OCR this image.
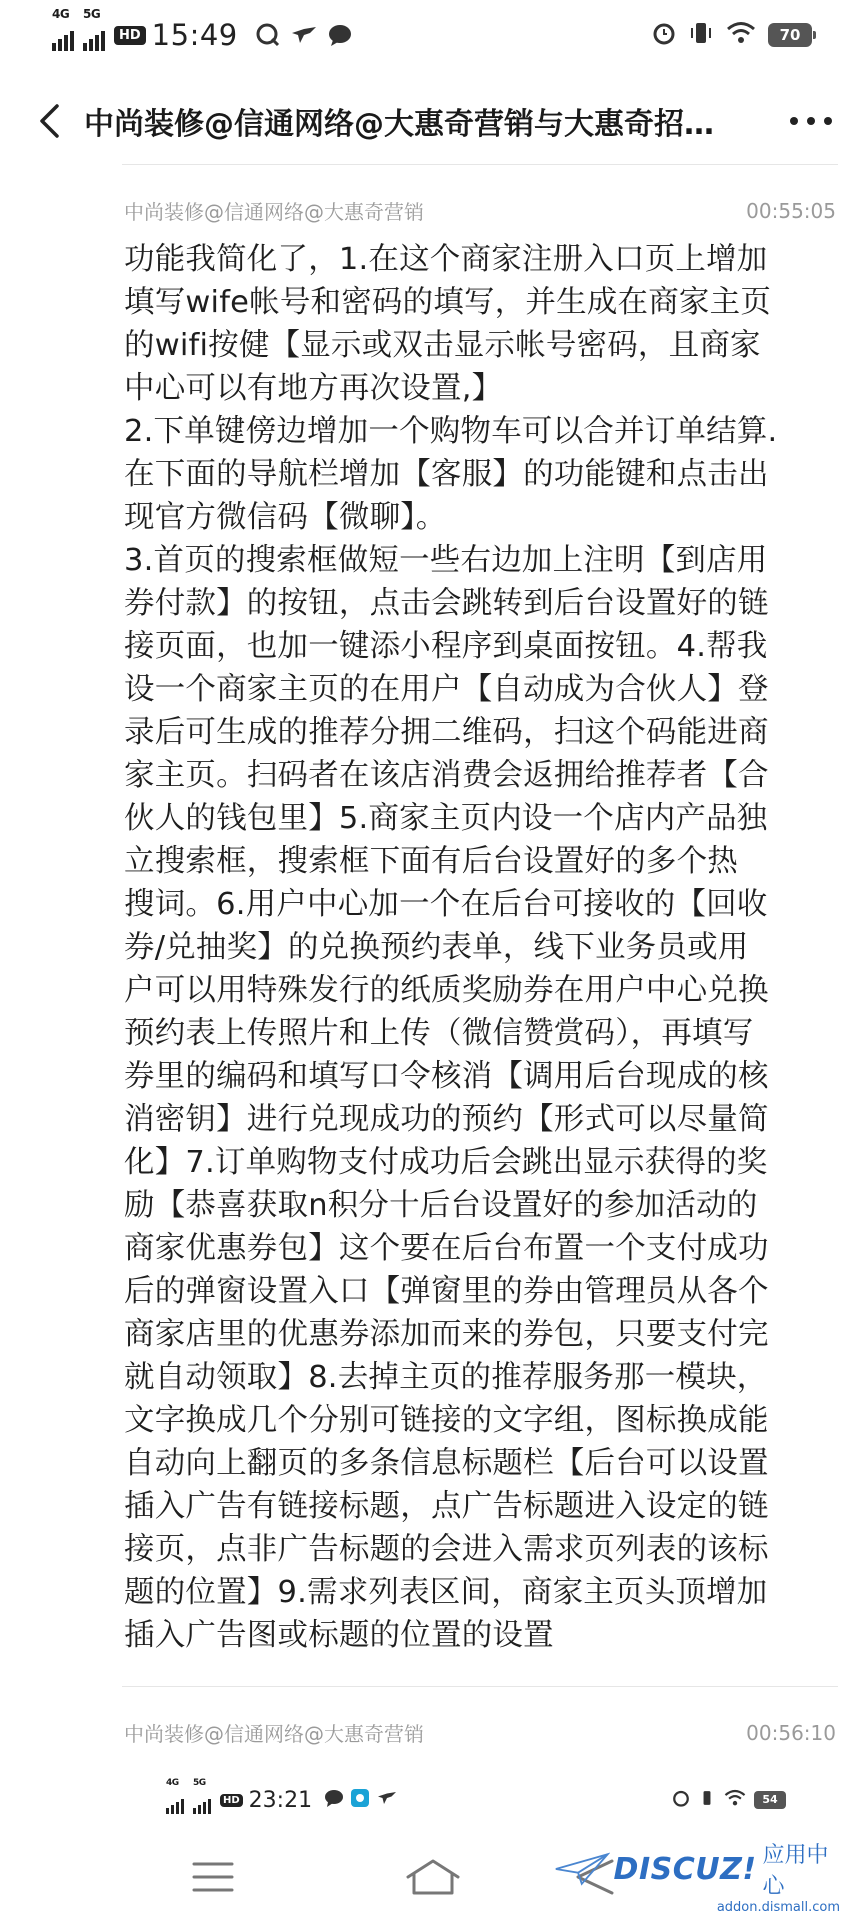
4G 5G
HD 15:49	70
中尚装修@信通网络@大惠奇营销与大惠奇招…
中尚装修@信通网络@大惠奇营销	00:55:05
功能我简化了，1.在这个商家注册入口页上增加
填写wife帐号和密码的填写，并生成在商家主页
的wifi按健【显示或双击显示帐号密码，且商家
中心可以有地方再次设置,】
2.下单键傍边增加一个购物车可以合并订单结算.
在下面的导航栏增加【客服】的功能键和点击出
现官方微信码【微聊】。
3.首页的搜索框做短一些右边加上注明【到店用
券付款】的按钮，点击会跳转到后台设置好的链
接页面，也加一键添小程序到桌面按钮。4.帮我
设一个商家主页的在用户【自动成为合伙人】登
录后可生成的推荐分拥二维码，扫这个码能进商
家主页。扫码者在该店消费会返拥给推荐者【合
伙人的钱包里】5.商家主页内设一个店内产品独
立搜索框，搜索框下面有后台设置好的多个热
搜词。6.用户中心加一个在后台可接收的【回收
券/兑抽奖】的兑换预约表单，线下业务员或用
户可以用特殊发行的纸质奖励券在用户中心兑换
预约表上传照片和上传（微信赞赏码），再填写
券里的编码和填写口令核消【调用后台现成的核
消密钥】进行兑现成功的预约【形式可以尽量简
化】7.订单购物支付成功后会跳出显示获得的奖
励【恭喜获取n积分十后台设置好的参加活动的
商家优惠券包】这个要在后台布置一个支付成功
后的弹窗设置入口【弹窗里的券由管理员从各个
商家店里的优惠券添加而来的券包，只要支付完
就自动领取】8.去掉主页的推荐服务那一模块，
文字换成几个分别可链接的文字组，图标换成能
自动向上翻页的多条信息标题栏【后台可以设置
插入广告有链接标题，点广告标题进入设定的链
接页，点非广告标题的会进入需求页列表的该标
题的位置】9.需求列表区间，商家主页头顶增加
插入广告图或标题的位置的设置
中尚装修@信通网络@大惠奇营销	00:56:10
4G 5G
HD 23:21	54
DISCUZ! 应用中心
addon.dismall.com
